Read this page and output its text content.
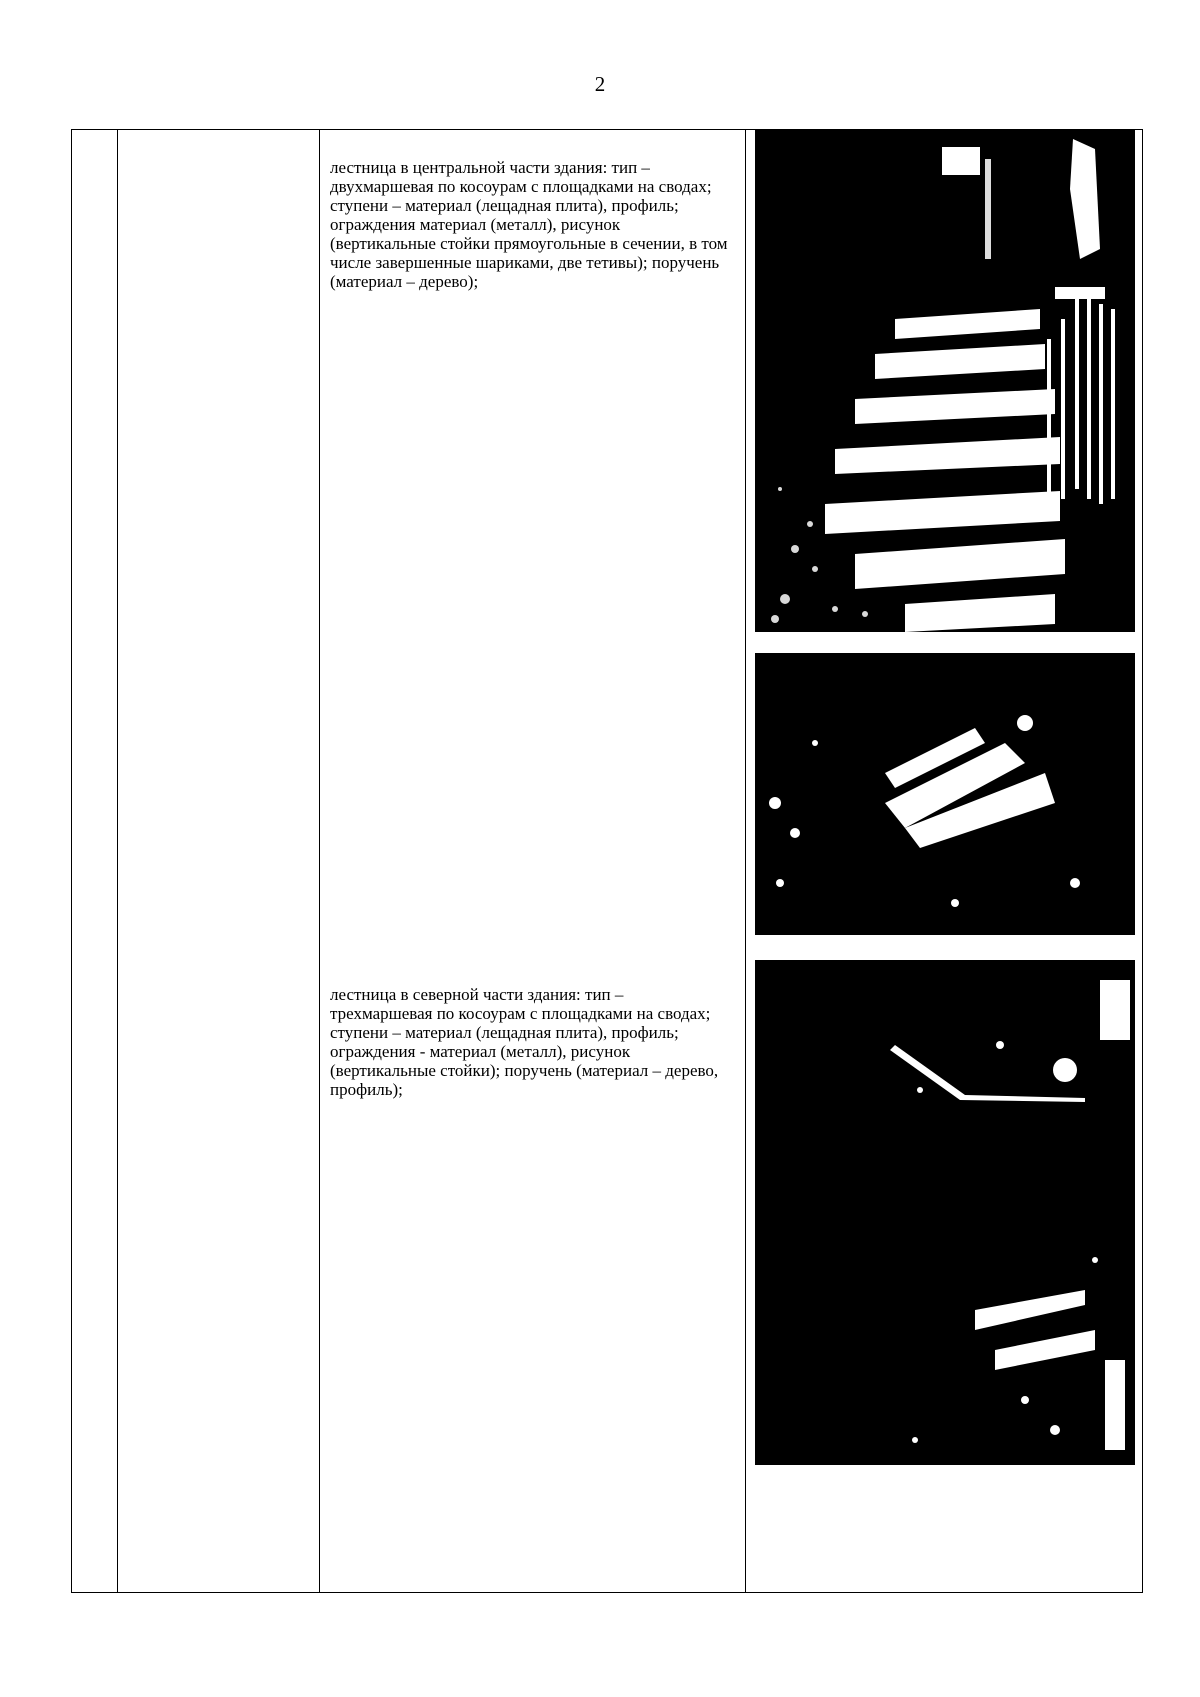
2
лестница в центральной части здания: тип – двухмаршевая по косоурам с площадками на сводах; ступени – материал (лещадная плита), профиль; ограждения материал (металл), рисунок (вертикальные стойки прямоугольные в сечении, в том числе завершенные шариками, две тетивы); поручень (материал – дерево);
лестница в северной части здания: тип – трехмаршевая по косоурам с площадками на сводах; ступени – материал (лещадная плита), профиль; ограждения - материал (металл), рисунок (вертикальные стойки); поручень (материал – дерево, профиль);
